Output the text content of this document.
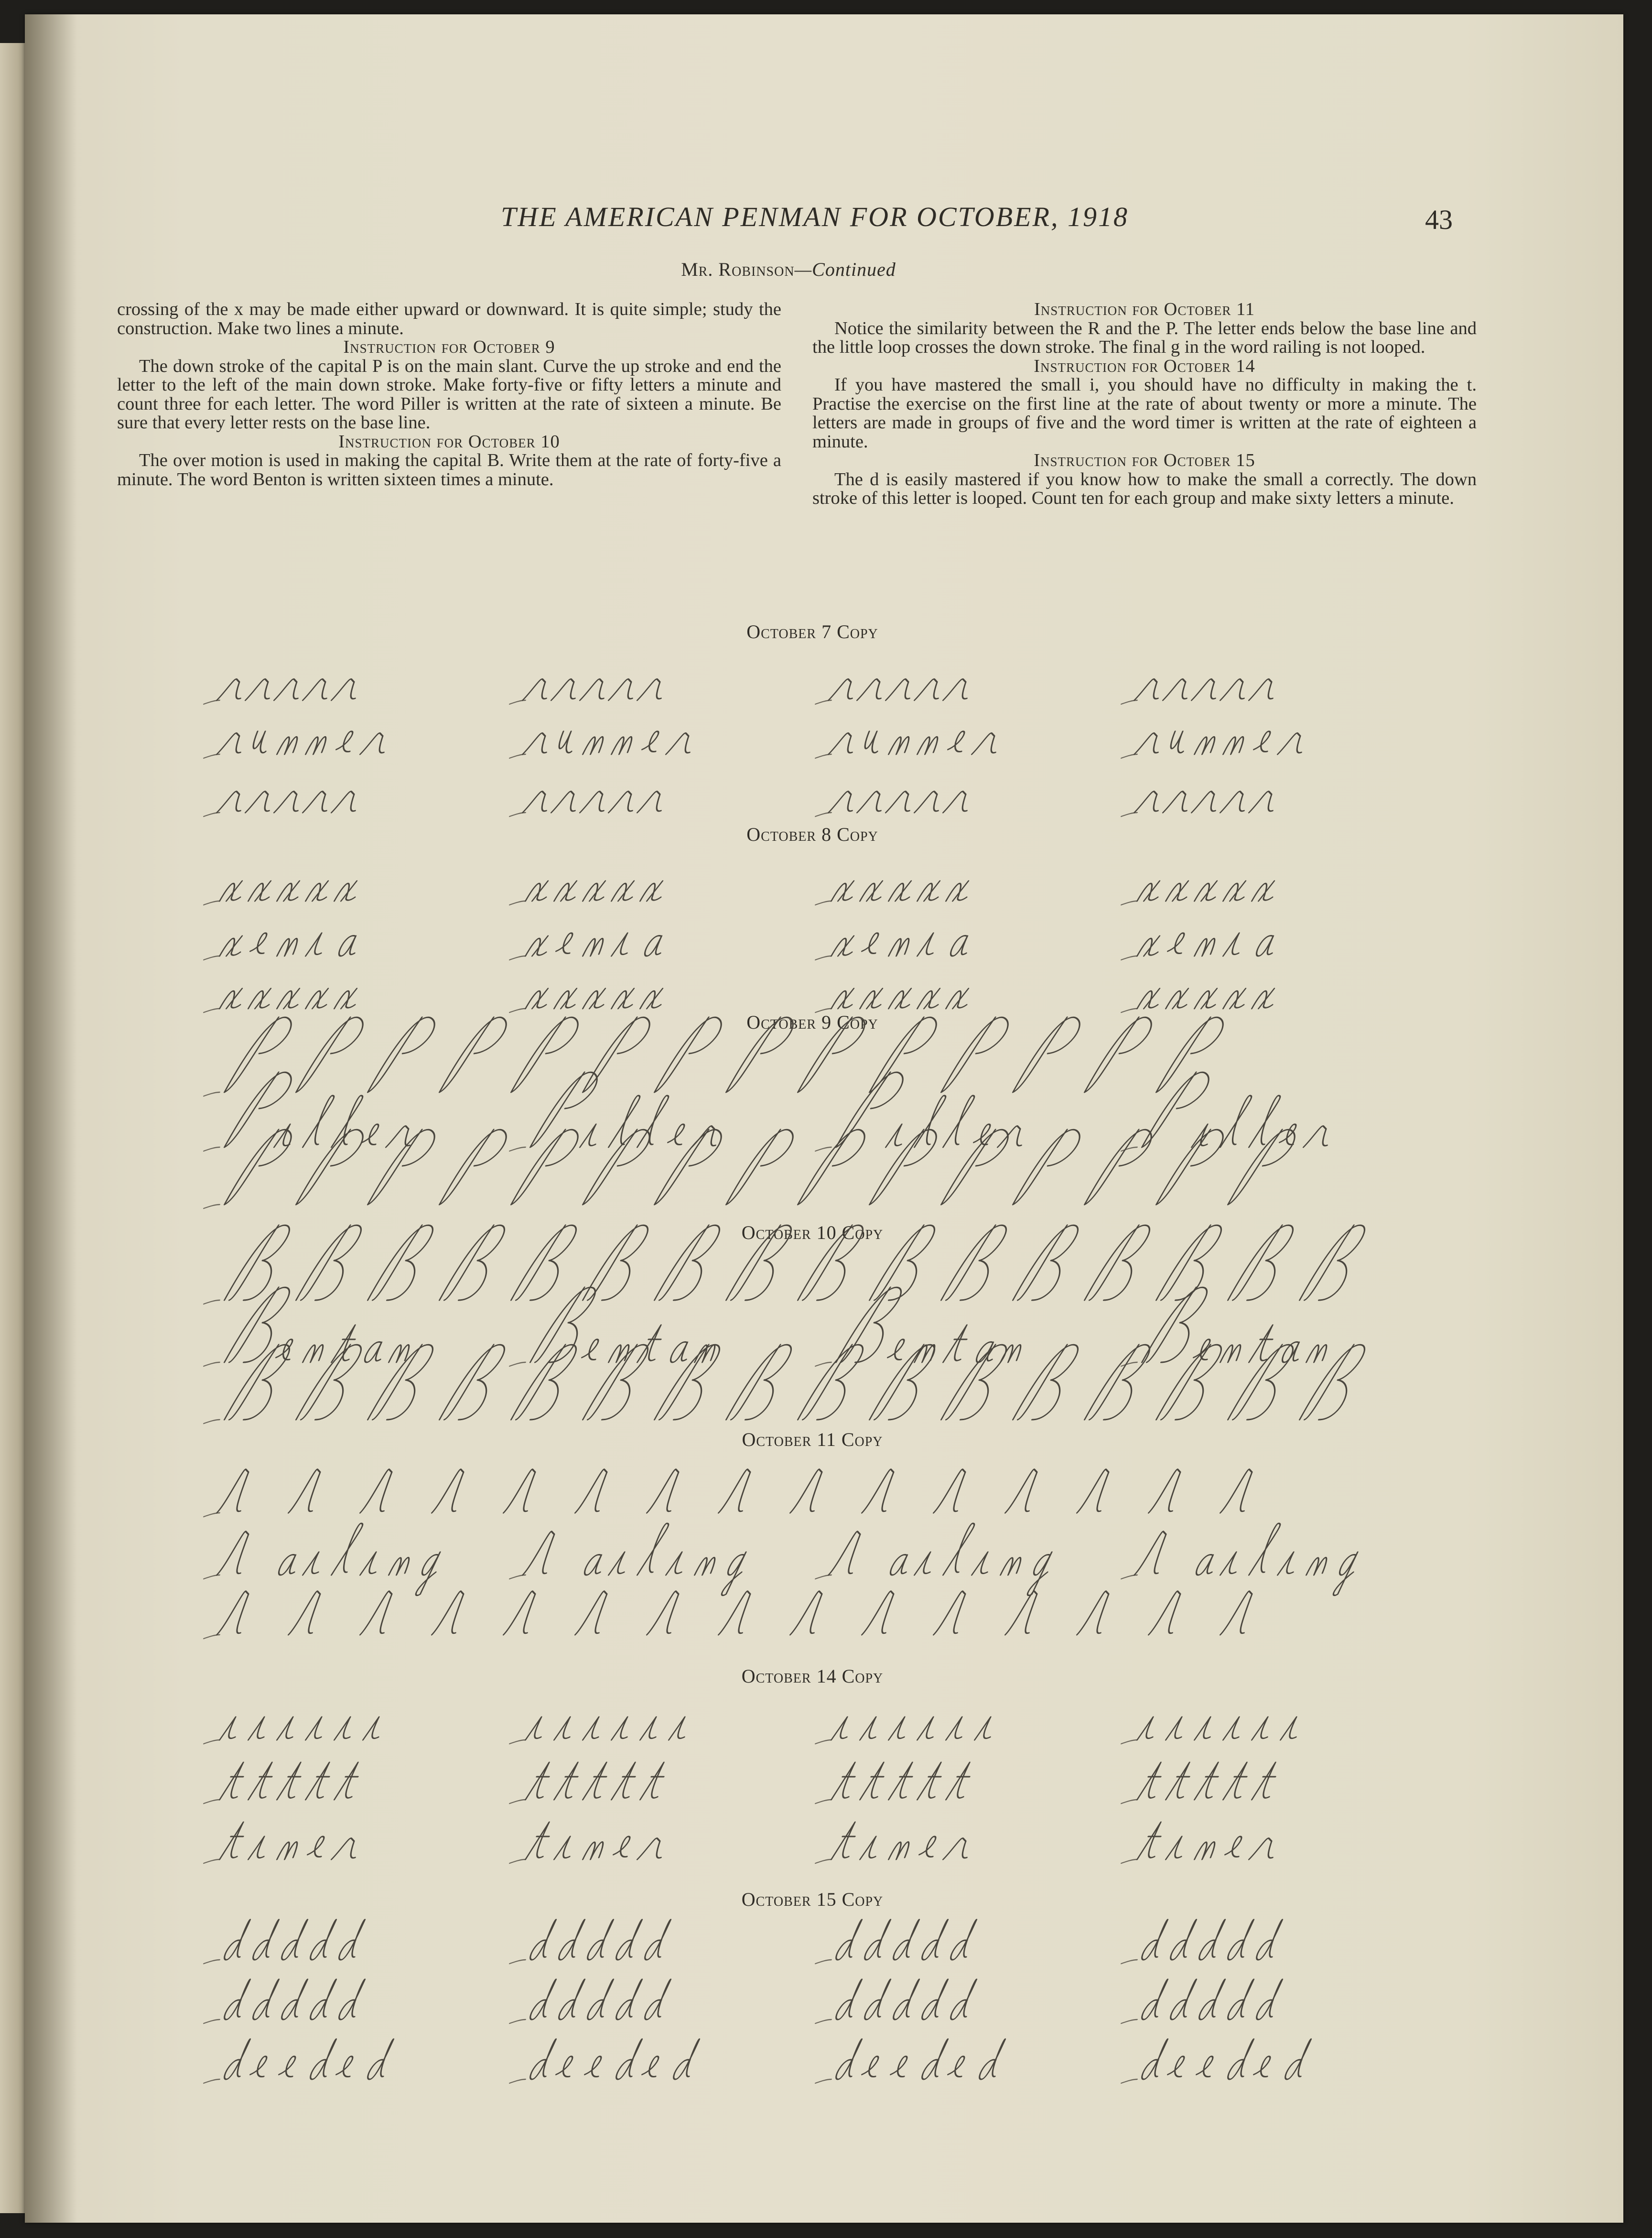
THE AMERICAN PENMAN FOR OCTOBER, 1918	43
Mr. Robinson—Continued

crossing of the x may be made either upward or downward. It is quite simple; study the construction. Make two lines a minute.

Instruction for October 9

The down stroke of the capital P is on the main slant. Curve the up stroke and end the letter to the left of the main down stroke. Make forty-five or fifty letters a minute and count three for each letter. The word Piller is written at the rate of sixteen a minute. Be sure that every letter rests on the base line.

Instruction for October 10

The over motion is used in making the capital B. Write them at the rate of forty-five a minute. The word Benton is written sixteen times a minute.

Instruction for October 11

Notice the similarity between the R and the P. The letter ends below the base line and the little loop crosses the down stroke. The final g in the word railing is not looped.

Instruction for October 14

If you have mastered the small i, you should have no difficulty in making the t. Practise the exercise on the first line at the rate of about twenty or more a minute. The letters are made in groups of five and the word timer is written at the rate of eighteen a minute.

Instruction for October 15

The d is easily mastered if you know how to make the small a correctly. The down stroke of this letter is looped. Count ten for each group and make sixty letters a minute.

October 7 Copy
October 8 Copy
October 9 Copy
October 10 Copy
October 11 Copy
October 14 Copy
October 15 Copy
